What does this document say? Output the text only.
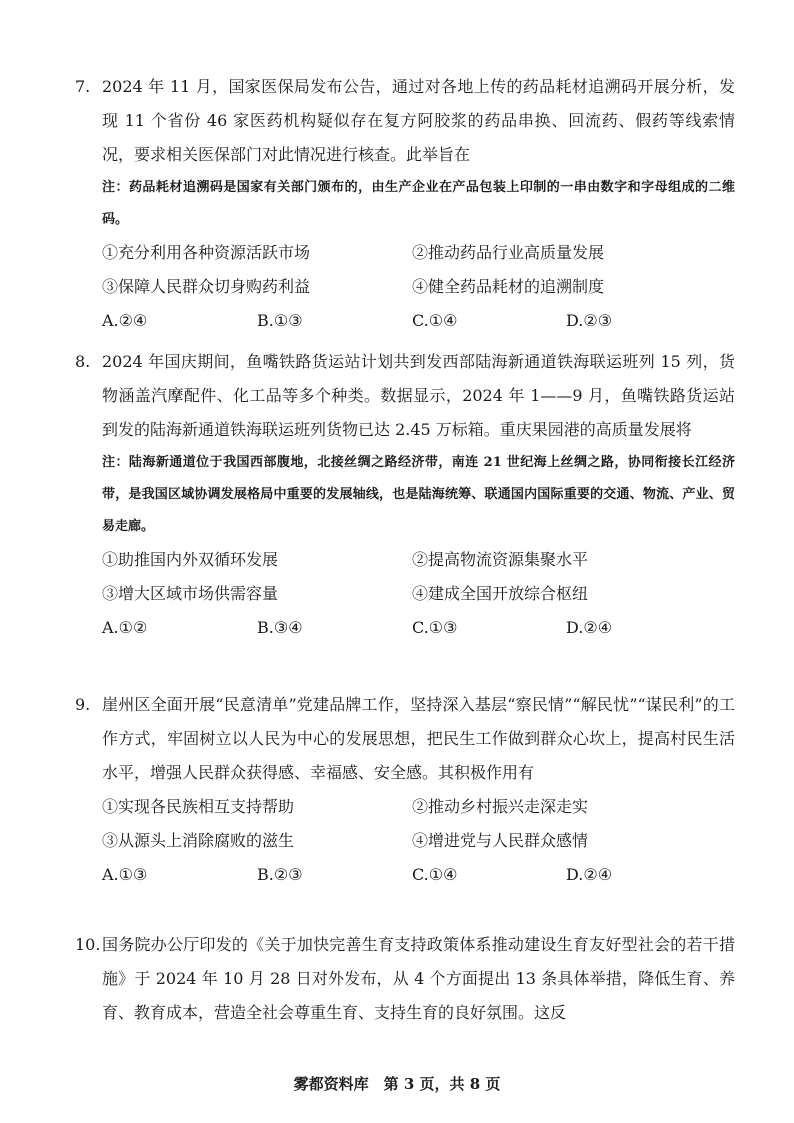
7. 2024 年 11 月，国家医保局发布公告，通过对各地上传的药品耗材追溯码开展分析，发现 11 个省份 46 家医药机构疑似存在复方阿胶浆的药品串换、回流药、假药等线索情况，要求相关医保部门对此情况进行核查。此举旨在
注：药品耗材追溯码是国家有关部门颁布的，由生产企业在产品包装上印制的一串由数字和字母组成的二维码。
①充分利用各种资源活跃市场	②推动药品行业高质量发展
③保障人民群众切身购药利益	④健全药品耗材的追溯制度
A.②④	B.①③	C.①④	D.②③
8. 2024 年国庆期间，鱼嘴铁路货运站计划共到发西部陆海新通道铁海联运班列 15 列，货物涵盖汽摩配件、化工品等多个种类。数据显示，2024 年 1——9 月，鱼嘴铁路货运站到发的陆海新通道铁海联运班列货物已达 2.45 万标箱。重庆果园港的高质量发展将
注：陆海新通道位于我国西部腹地，北接丝绸之路经济带，南连 21 世纪海上丝绸之路，协同衔接长江经济带，是我国区域协调发展格局中重要的发展轴线，也是陆海统筹、联通国内国际重要的交通、物流、产业、贸易走廊。
①助推国内外双循环发展	②提高物流资源集聚水平
③增大区域市场供需容量	④建成全国开放综合枢纽
A.①②	B.③④	C.①③	D.②④
9. 崖州区全面开展“民意清单”党建品牌工作，坚持深入基层“察民情”“解民忧”“谋民利”的工作方式，牢固树立以人民为中心的发展思想，把民生工作做到群众心坎上，提高村民生活水平，增强人民群众获得感、幸福感、安全感。其积极作用有
①实现各民族相互支持帮助	②推动乡村振兴走深走实
③从源头上消除腐败的滋生	④增进党与人民群众感情
A.①③	B.②③	C.①④	D.②④
10. 国务院办公厅印发的《关于加快完善生育支持政策体系推动建设生育友好型社会的若干措施》于 2024 年 10 月 28 日对外发布，从 4 个方面提出 13 条具体举措，降低生育、养育、教育成本，营造全社会尊重生育、支持生育的良好氛围。这反
雾都资料库　第 3 页，共 8 页
